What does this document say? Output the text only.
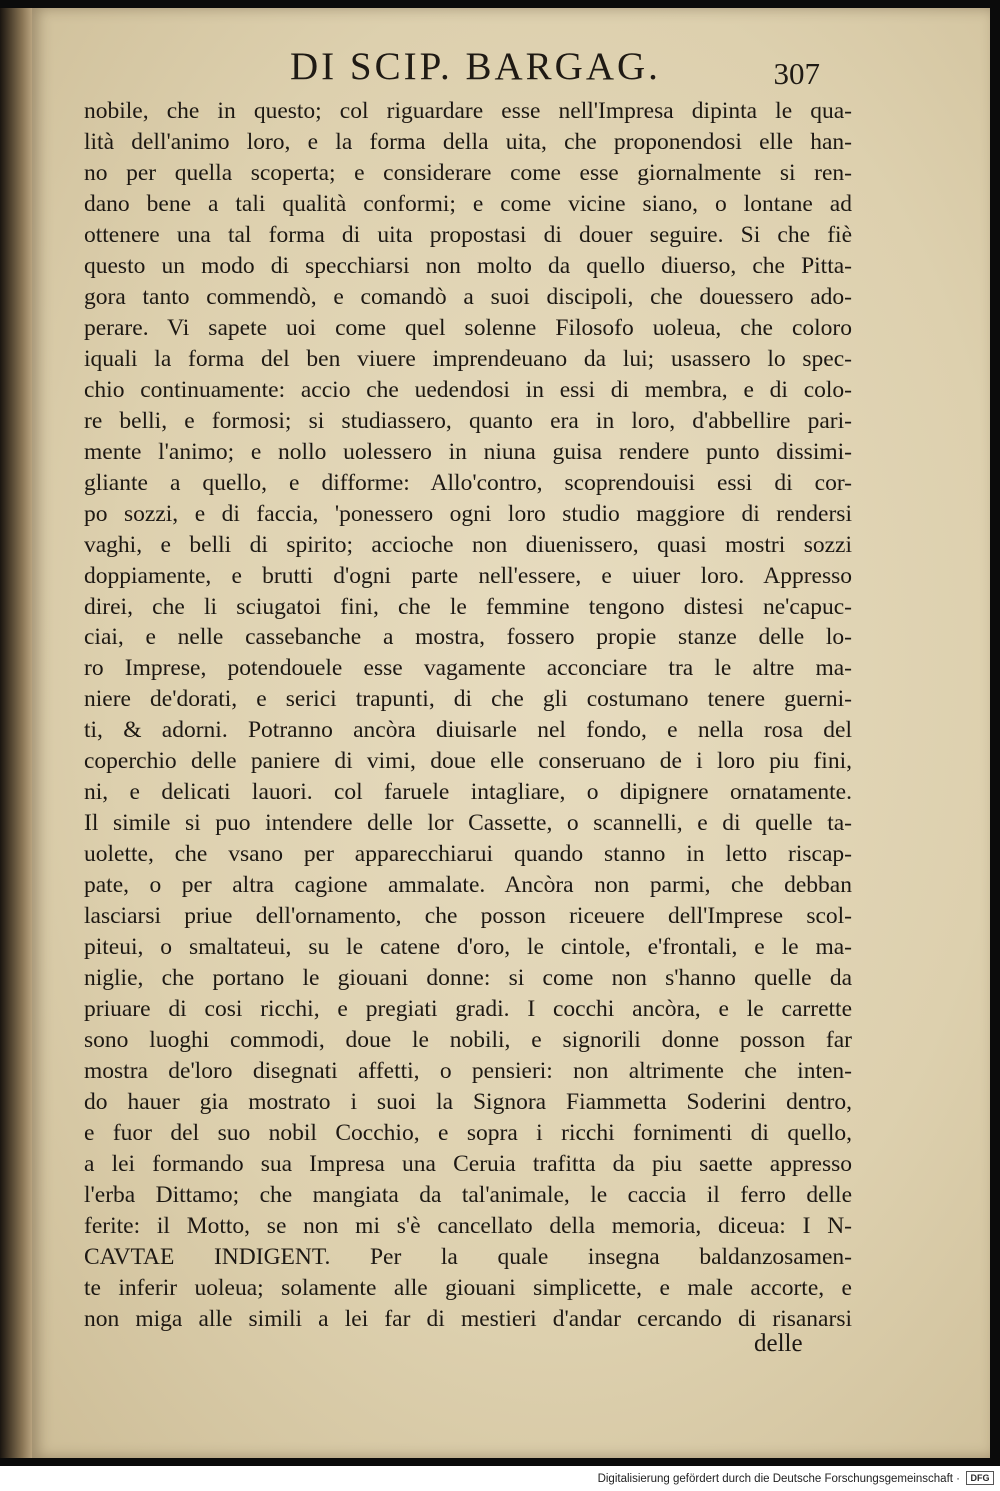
DI SCIP. BARGAG.	307
nobile, che in questo; col riguardare esse nell'Impresa dipinta le qua-
lità dell'animo loro, e la forma della uita, che proponendosi elle han-
no per quella scoperta; e considerare come esse giornalmente si ren-
dano bene a tali qualità conformi; e come vicine siano, o lontane ad
ottenere una tal forma di uita propostasi di douer seguire. Si che fiè
questo un modo di specchiarsi non molto da quello diuerso, che Pitta-
gora tanto commendò, e comandò a suoi discipoli, che douessero ado-
perare. Vi sapete uoi come quel solenne Filosofo uoleua, che coloro
iquali la forma del ben viuere imprendeuano da lui; usassero lo spec-
chio continuamente: accio che uedendosi in essi di membra, e di colo-
re belli, e formosi; si studiassero, quanto era in loro, d'abbellire pari-
mente l'animo; e nollo uolessero in niuna guisa rendere punto dissimi-
gliante a quello, e difforme: Allo'contro, scoprendouisi essi di cor-
po sozzi, e di faccia, 'ponessero ogni loro studio maggiore di rendersi
vaghi, e belli di spirito; accioche non diuenissero, quasi mostri sozzi
doppiamente, e brutti d'ogni parte nell'essere, e uiuer loro. Appresso
direi, che li sciugatoi fini, che le femmine tengono distesi ne'capuc-
ciai, e nelle cassebanche a mostra, fossero propie stanze delle lo-
ro Imprese, potendouele esse vagamente acconciare tra le altre ma-
niere de'dorati, e serici trapunti, di che gli costumano tenere guerni-
ti, & adorni. Potranno ancòra diuisarle nel fondo, e nella rosa del
coperchio delle paniere di vimi, doue elle conseruano de i loro piu fini,
ni, e delicati lauori. col faruele intagliare, o dipignere ornatamente.
Il simile si puo intendere delle lor Cassette, o scannelli, e di quelle ta-
uolette, che vsano per apparecchiarui quando stanno in letto riscap-
pate, o per altra cagione ammalate. Ancòra non parmi, che debban
lasciarsi priue dell'ornamento, che posson riceuere dell'Imprese scol-
piteui, o smaltateui, su le catene d'oro, le cintole, e'frontali, e le ma-
niglie, che portano le giouani donne: si come non s'hanno quelle da
priuare di cosi ricchi, e pregiati gradi. I cocchi ancòra, e le carrette
sono luoghi commodi, doue le nobili, e signorili donne posson far
mostra de'loro disegnati affetti, o pensieri: non altrimente che inten-
do hauer gia mostrato i suoi la Signora Fiammetta Soderini dentro,
e fuor del suo nobil Cocchio, e sopra i ricchi fornimenti di quello,
a lei formando sua Impresa una Ceruia trafitta da piu saette appresso
l'erba Dittamo; che mangiata da tal'animale, le caccia il ferro delle
ferite: il Motto, se non mi s'è cancellato della memoria, diceua: I N-
CAVTAE INDIGENT. Per la quale insegna baldanzosamen-
te inferir uoleua; solamente alle giouani simplicette, e male accorte, e
non miga alle simili a lei far di mestieri d'andar cercando di risanarsi
delle
Digitalisierung gefördert durch die Deutsche Forschungsgemeinschaft ·	DFG
